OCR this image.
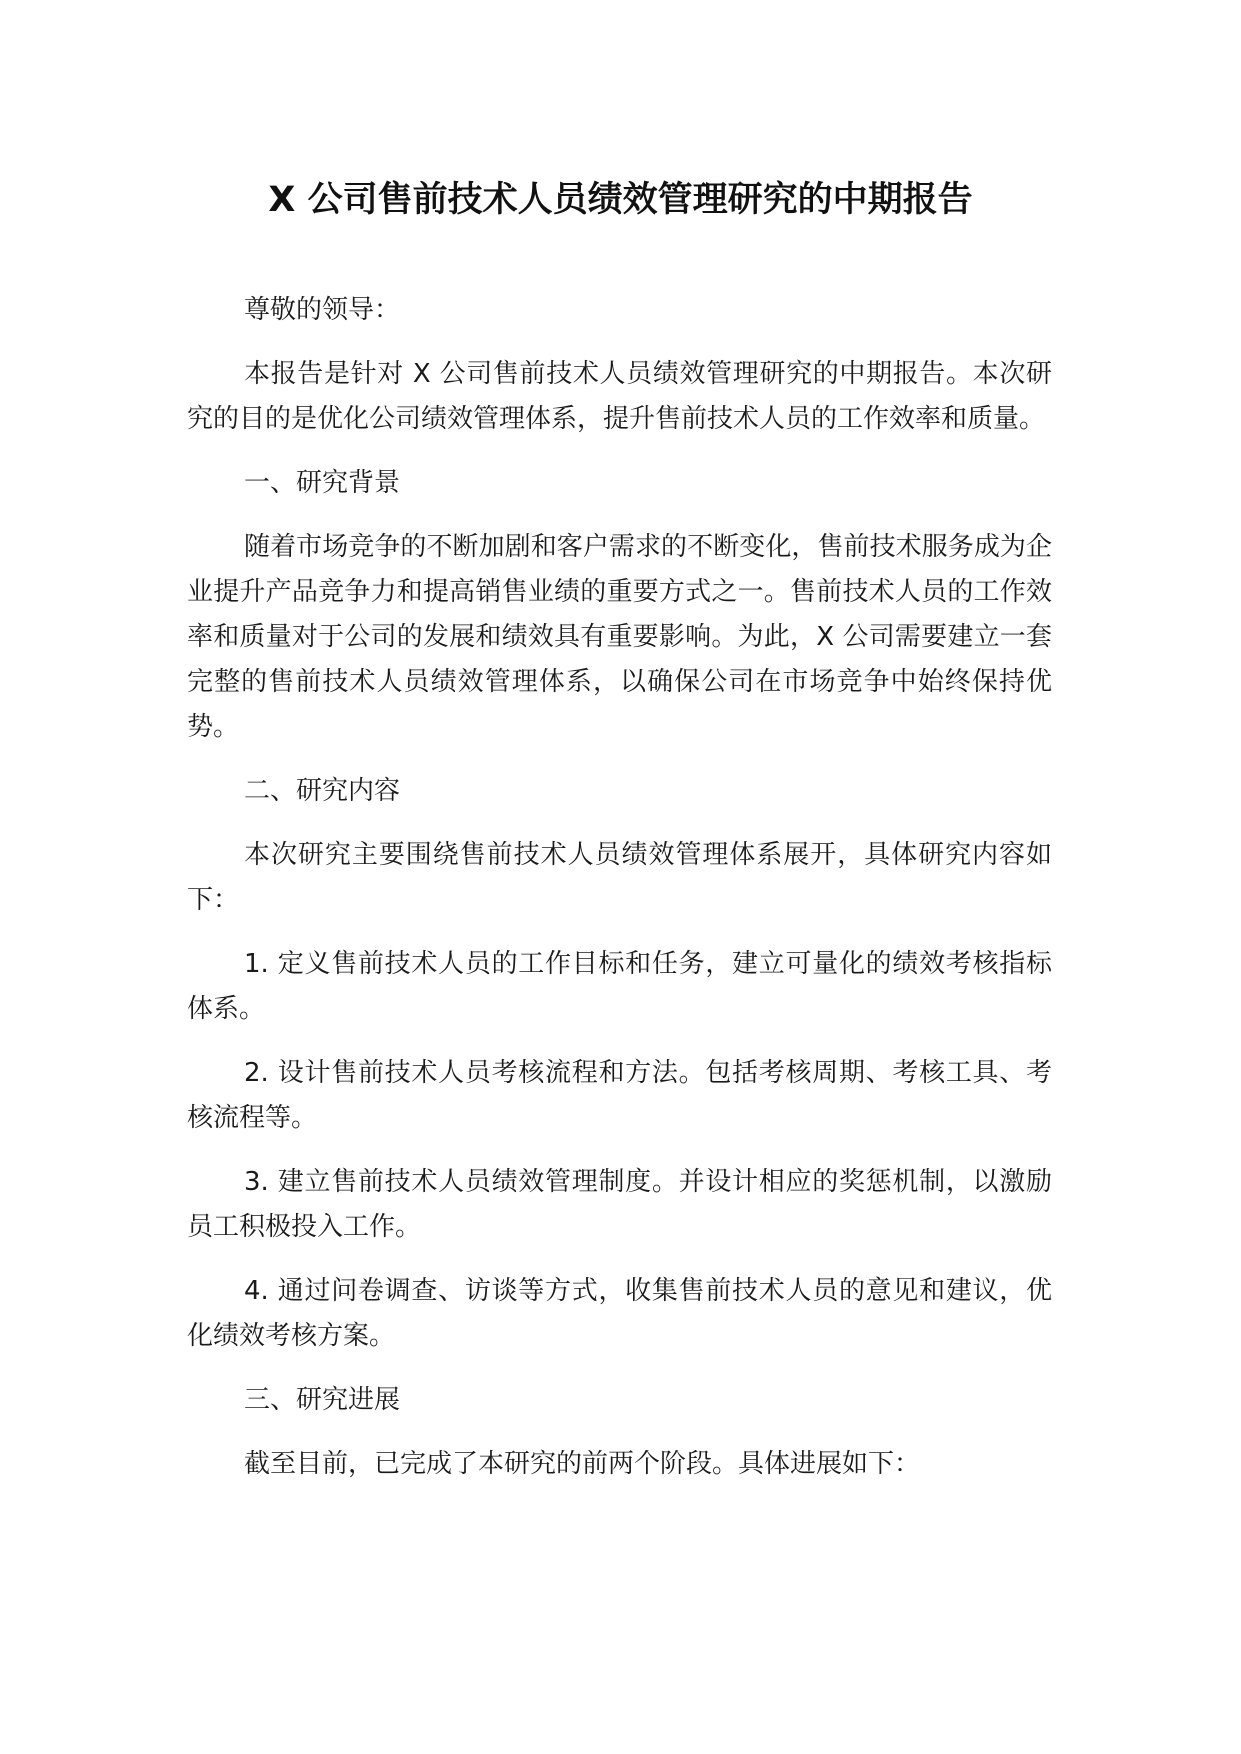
X 公司售前技术人员绩效管理研究的中期报告

尊敬的领导：

本报告是针对 X 公司售前技术人员绩效管理研究的中期报告。本次研究的目的是优化公司绩效管理体系，提升售前技术人员的工作效率和质量。

一、研究背景

随着市场竞争的不断加剧和客户需求的不断变化，售前技术服务成为企业提升产品竞争力和提高销售业绩的重要方式之一。售前技术人员的工作效率和质量对于公司的发展和绩效具有重要影响。为此，X 公司需要建立一套完整的售前技术人员绩效管理体系，以确保公司在市场竞争中始终保持优势。

二、研究内容

本次研究主要围绕售前技术人员绩效管理体系展开，具体研究内容如下：

1. 定义售前技术人员的工作目标和任务，建立可量化的绩效考核指标体系。

2. 设计售前技术人员考核流程和方法。包括考核周期、考核工具、考核流程等。

3. 建立售前技术人员绩效管理制度。并设计相应的奖惩机制，以激励员工积极投入工作。

4. 通过问卷调查、访谈等方式，收集售前技术人员的意见和建议，优化绩效考核方案。

三、研究进展

截至目前，已完成了本研究的前两个阶段。具体进展如下：
